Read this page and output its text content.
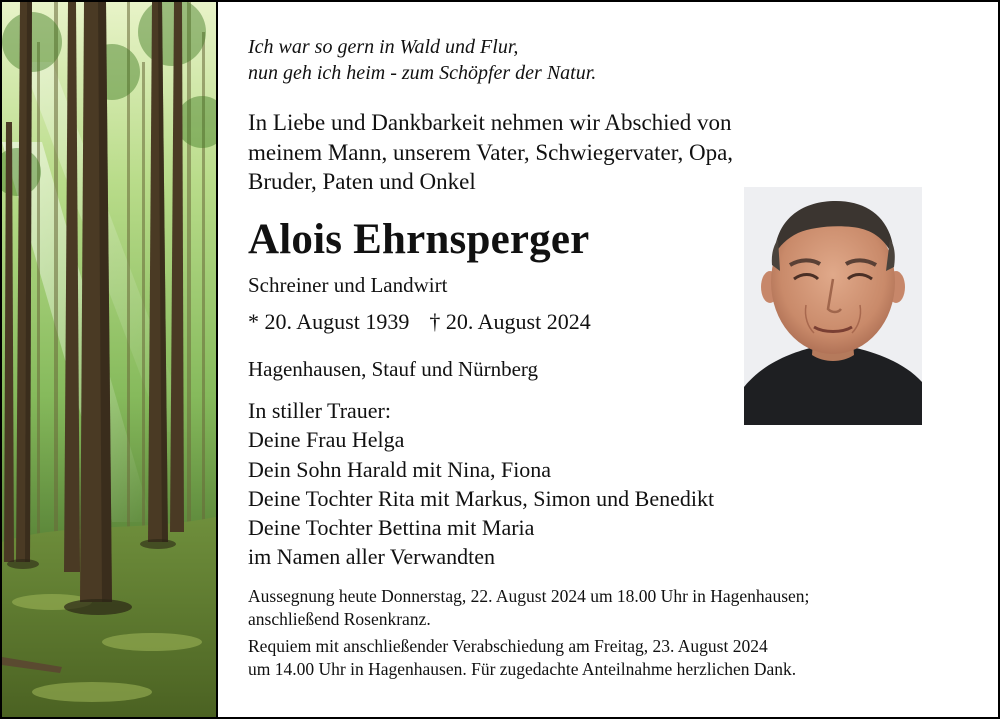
Ich war so gern in Wald und Flur,
nun geh ich heim - zum Schöpfer der Natur.
In Liebe und Dankbarkeit nehmen wir Abschied von
meinem Mann, unserem Vater, Schwiegervater, Opa,
Bruder, Paten und Onkel
Alois Ehrnsperger
Schreiner und Landwirt
* 20. August 1939 † 20. August 2024
Hagenhausen, Stauf und Nürnberg
In stiller Trauer:
Deine Frau Helga
Dein Sohn Harald mit Nina, Fiona
Deine Tochter Rita mit Markus, Simon und Benedikt
Deine Tochter Bettina mit Maria
im Namen aller Verwandten
Aussegnung heute Donnerstag, 22. August 2024 um 18.00 Uhr in Hagenhausen;
anschließend Rosenkranz.
Requiem mit anschließender Verabschiedung am Freitag, 23. August 2024
um 14.00 Uhr in Hagenhausen. Für zugedachte Anteilnahme herzlichen Dank.
